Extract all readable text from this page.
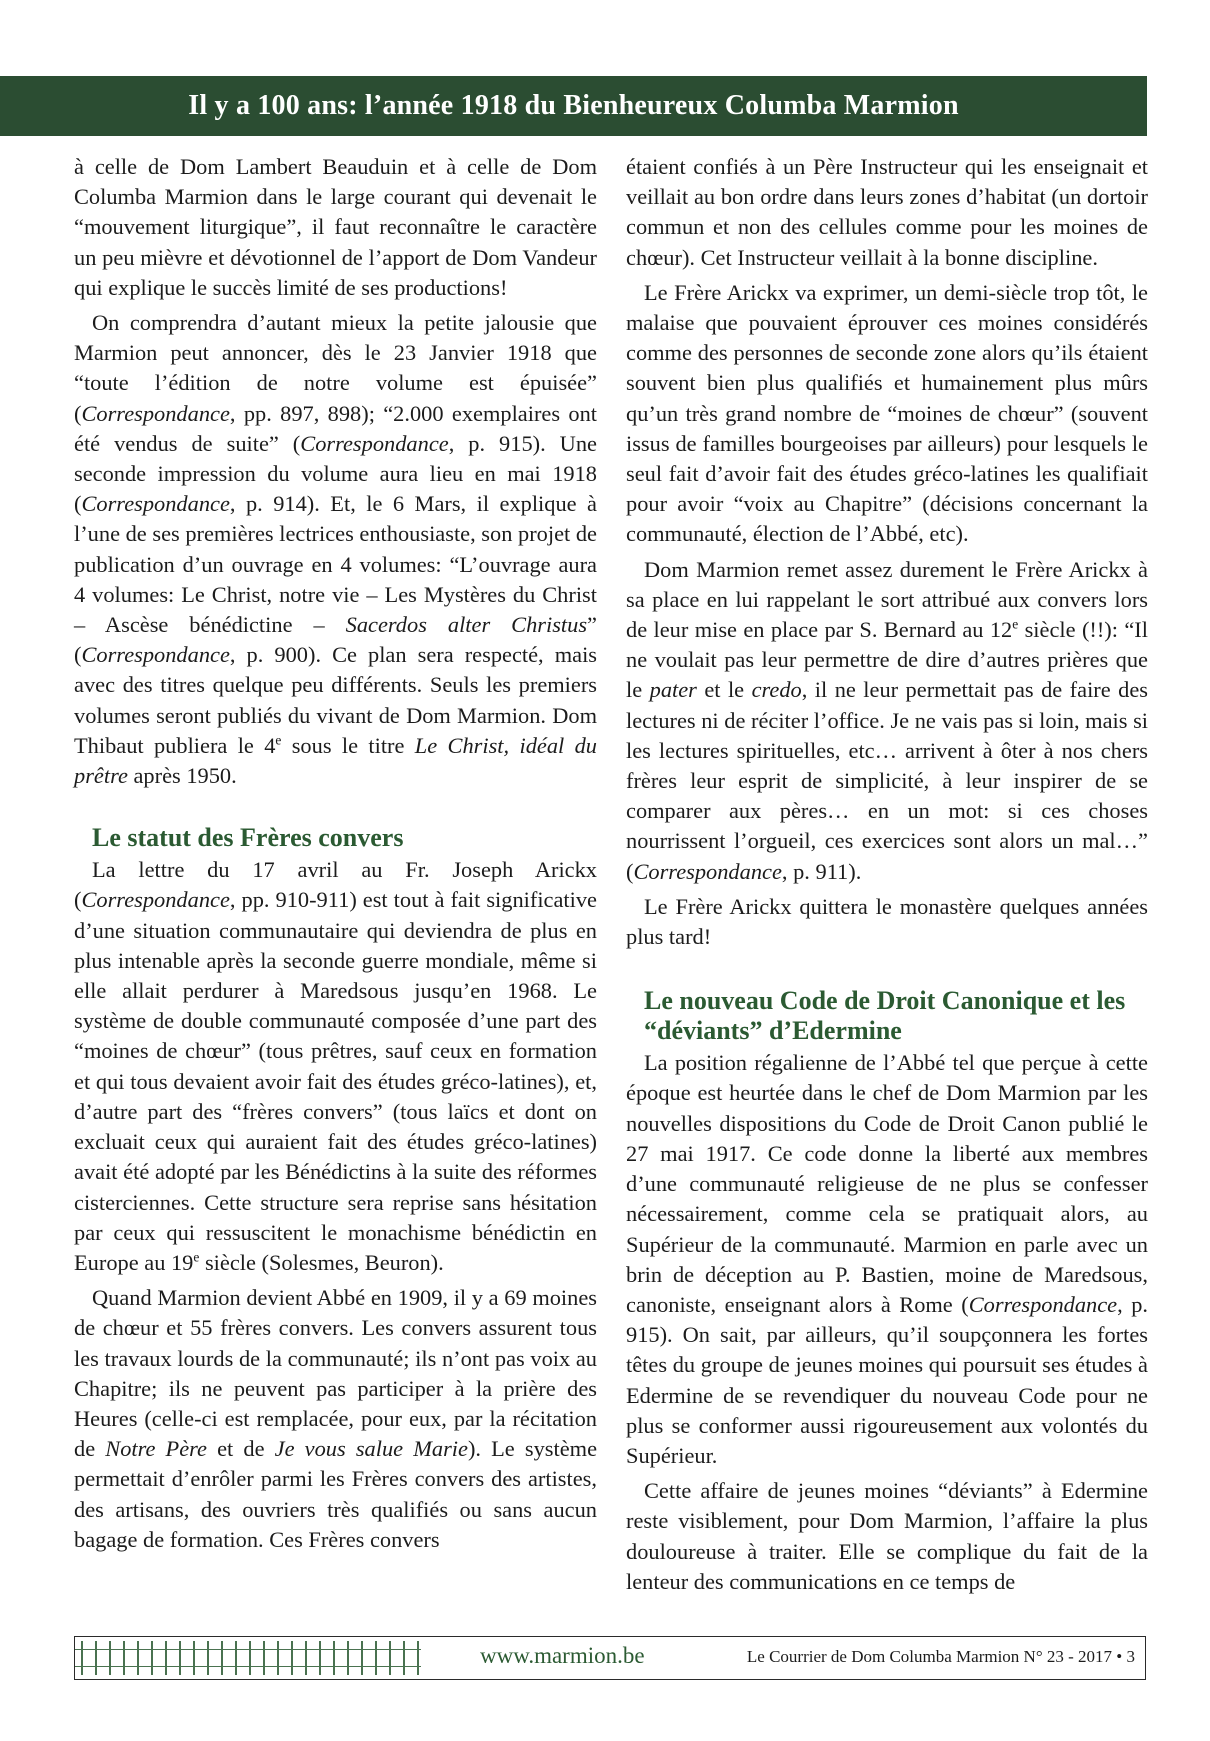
Il y a 100 ans: l’année 1918 du Bienheureux Columba Marmion

à celle de Dom Lambert Beauduin et à celle de Dom Columba Marmion dans le large courant qui devenait le “mouvement liturgique”, il faut reconnaître le caractère un peu mièvre et dévotionnel de l’apport de Dom Vandeur qui explique le succès limité de ses productions!

On comprendra d’autant mieux la petite jalousie que Marmion peut annoncer, dès le 23 Janvier 1918 que “toute l’édition de notre volume est épuisée” (Correspondance, pp. 897, 898); “2.000 exemplaires ont été vendus de suite” (Correspondance, p. 915). Une seconde impression du volume aura lieu en mai 1918 (Correspondance, p. 914). Et, le 6 Mars, il explique à l’une de ses premières lectrices enthousiaste, son projet de publication d’un ouvrage en 4 volumes: “L’ouvrage aura 4 volumes: Le Christ, notre vie – Les Mystères du Christ – Ascèse bénédictine – Sacerdos alter Christus” (Correspondance, p. 900). Ce plan sera respecté, mais avec des titres quelque peu différents. Seuls les premiers volumes seront publiés du vivant de Dom Marmion. Dom Thibaut publiera le 4e sous le titre Le Christ, idéal du prêtre après 1950.

Le statut des Frères convers

La lettre du 17 avril au Fr. Joseph Arickx (Correspondance, pp. 910-911) est tout à fait significative d’une situation communautaire qui deviendra de plus en plus intenable après la seconde guerre mondiale, même si elle allait perdurer à Maredsous jusqu’en 1968. Le système de double communauté composée d’une part des “moines de chœur” (tous prêtres, sauf ceux en formation et qui tous devaient avoir fait des études gréco-latines), et, d’autre part des “frères convers” (tous laïcs et dont on excluait ceux qui auraient fait des études gréco-latines) avait été adopté par les Bénédictins à la suite des réformes cisterciennes. Cette structure sera reprise sans hésitation par ceux qui ressuscitent le monachisme bénédictin en Europe au 19e siècle (Solesmes, Beuron).

Quand Marmion devient Abbé en 1909, il y a 69 moines de chœur et 55 frères convers. Les convers assurent tous les travaux lourds de la communauté; ils n’ont pas voix au Chapitre; ils ne peuvent pas participer à la prière des Heures (celle-ci est remplacée, pour eux, par la récitation de Notre Père et de Je vous salue Marie). Le système permettait d’enrôler parmi les Frères convers des artistes, des artisans, des ouvriers très qualifiés ou sans aucun bagage de formation. Ces Frères convers

étaient confiés à un Père Instructeur qui les enseignait et veillait au bon ordre dans leurs zones d’habitat (un dortoir commun et non des cellules comme pour les moines de chœur). Cet Instructeur veillait à la bonne discipline.

Le Frère Arickx va exprimer, un demi-siècle trop tôt, le malaise que pouvaient éprouver ces moines considérés comme des personnes de seconde zone alors qu’ils étaient souvent bien plus qualifiés et humainement plus mûrs qu’un très grand nombre de “moines de chœur” (souvent issus de familles bourgeoises par ailleurs) pour lesquels le seul fait d’avoir fait des études gréco-latines les qualifiait pour avoir “voix au Chapitre” (décisions concernant la communauté, élection de l’Abbé, etc).

Dom Marmion remet assez durement le Frère Arickx à sa place en lui rappelant le sort attribué aux convers lors de leur mise en place par S. Bernard au 12e siècle (!!): “Il ne voulait pas leur permettre de dire d’autres prières que le pater et le credo, il ne leur permettait pas de faire des lectures ni de réciter l’office. Je ne vais pas si loin, mais si les lectures spirituelles, etc… arrivent à ôter à nos chers frères leur esprit de simplicité, à leur inspirer de se comparer aux pères… en un mot: si ces choses nourrissent l’orgueil, ces exercices sont alors un mal…” (Correspondance, p. 911).

Le Frère Arickx quittera le monastère quelques années plus tard!

Le nouveau Code de Droit Canonique et les “déviants” d’Edermine

La position régalienne de l’Abbé tel que perçue à cette époque est heurtée dans le chef de Dom Marmion par les nouvelles dispositions du Code de Droit Canon publié le 27 mai 1917. Ce code donne la liberté aux membres d’une communauté religieuse de ne plus se confesser nécessairement, comme cela se pratiquait alors, au Supérieur de la communauté. Marmion en parle avec un brin de déception au P. Bastien, moine de Maredsous, canoniste, enseignant alors à Rome (Correspondance, p. 915). On sait, par ailleurs, qu’il soupçonnera les fortes têtes du groupe de jeunes moines qui poursuit ses études à Edermine de se revendiquer du nouveau Code pour ne plus se conformer aussi rigoureusement aux volontés du Supérieur.

Cette affaire de jeunes moines “déviants” à Edermine reste visiblement, pour Dom Marmion, l’affaire la plus douloureuse à traiter. Elle se complique du fait de la lenteur des communications en ce temps de

www.marmion.be	Le Courrier de Dom Columba Marmion N° 23 - 2017 • 3
